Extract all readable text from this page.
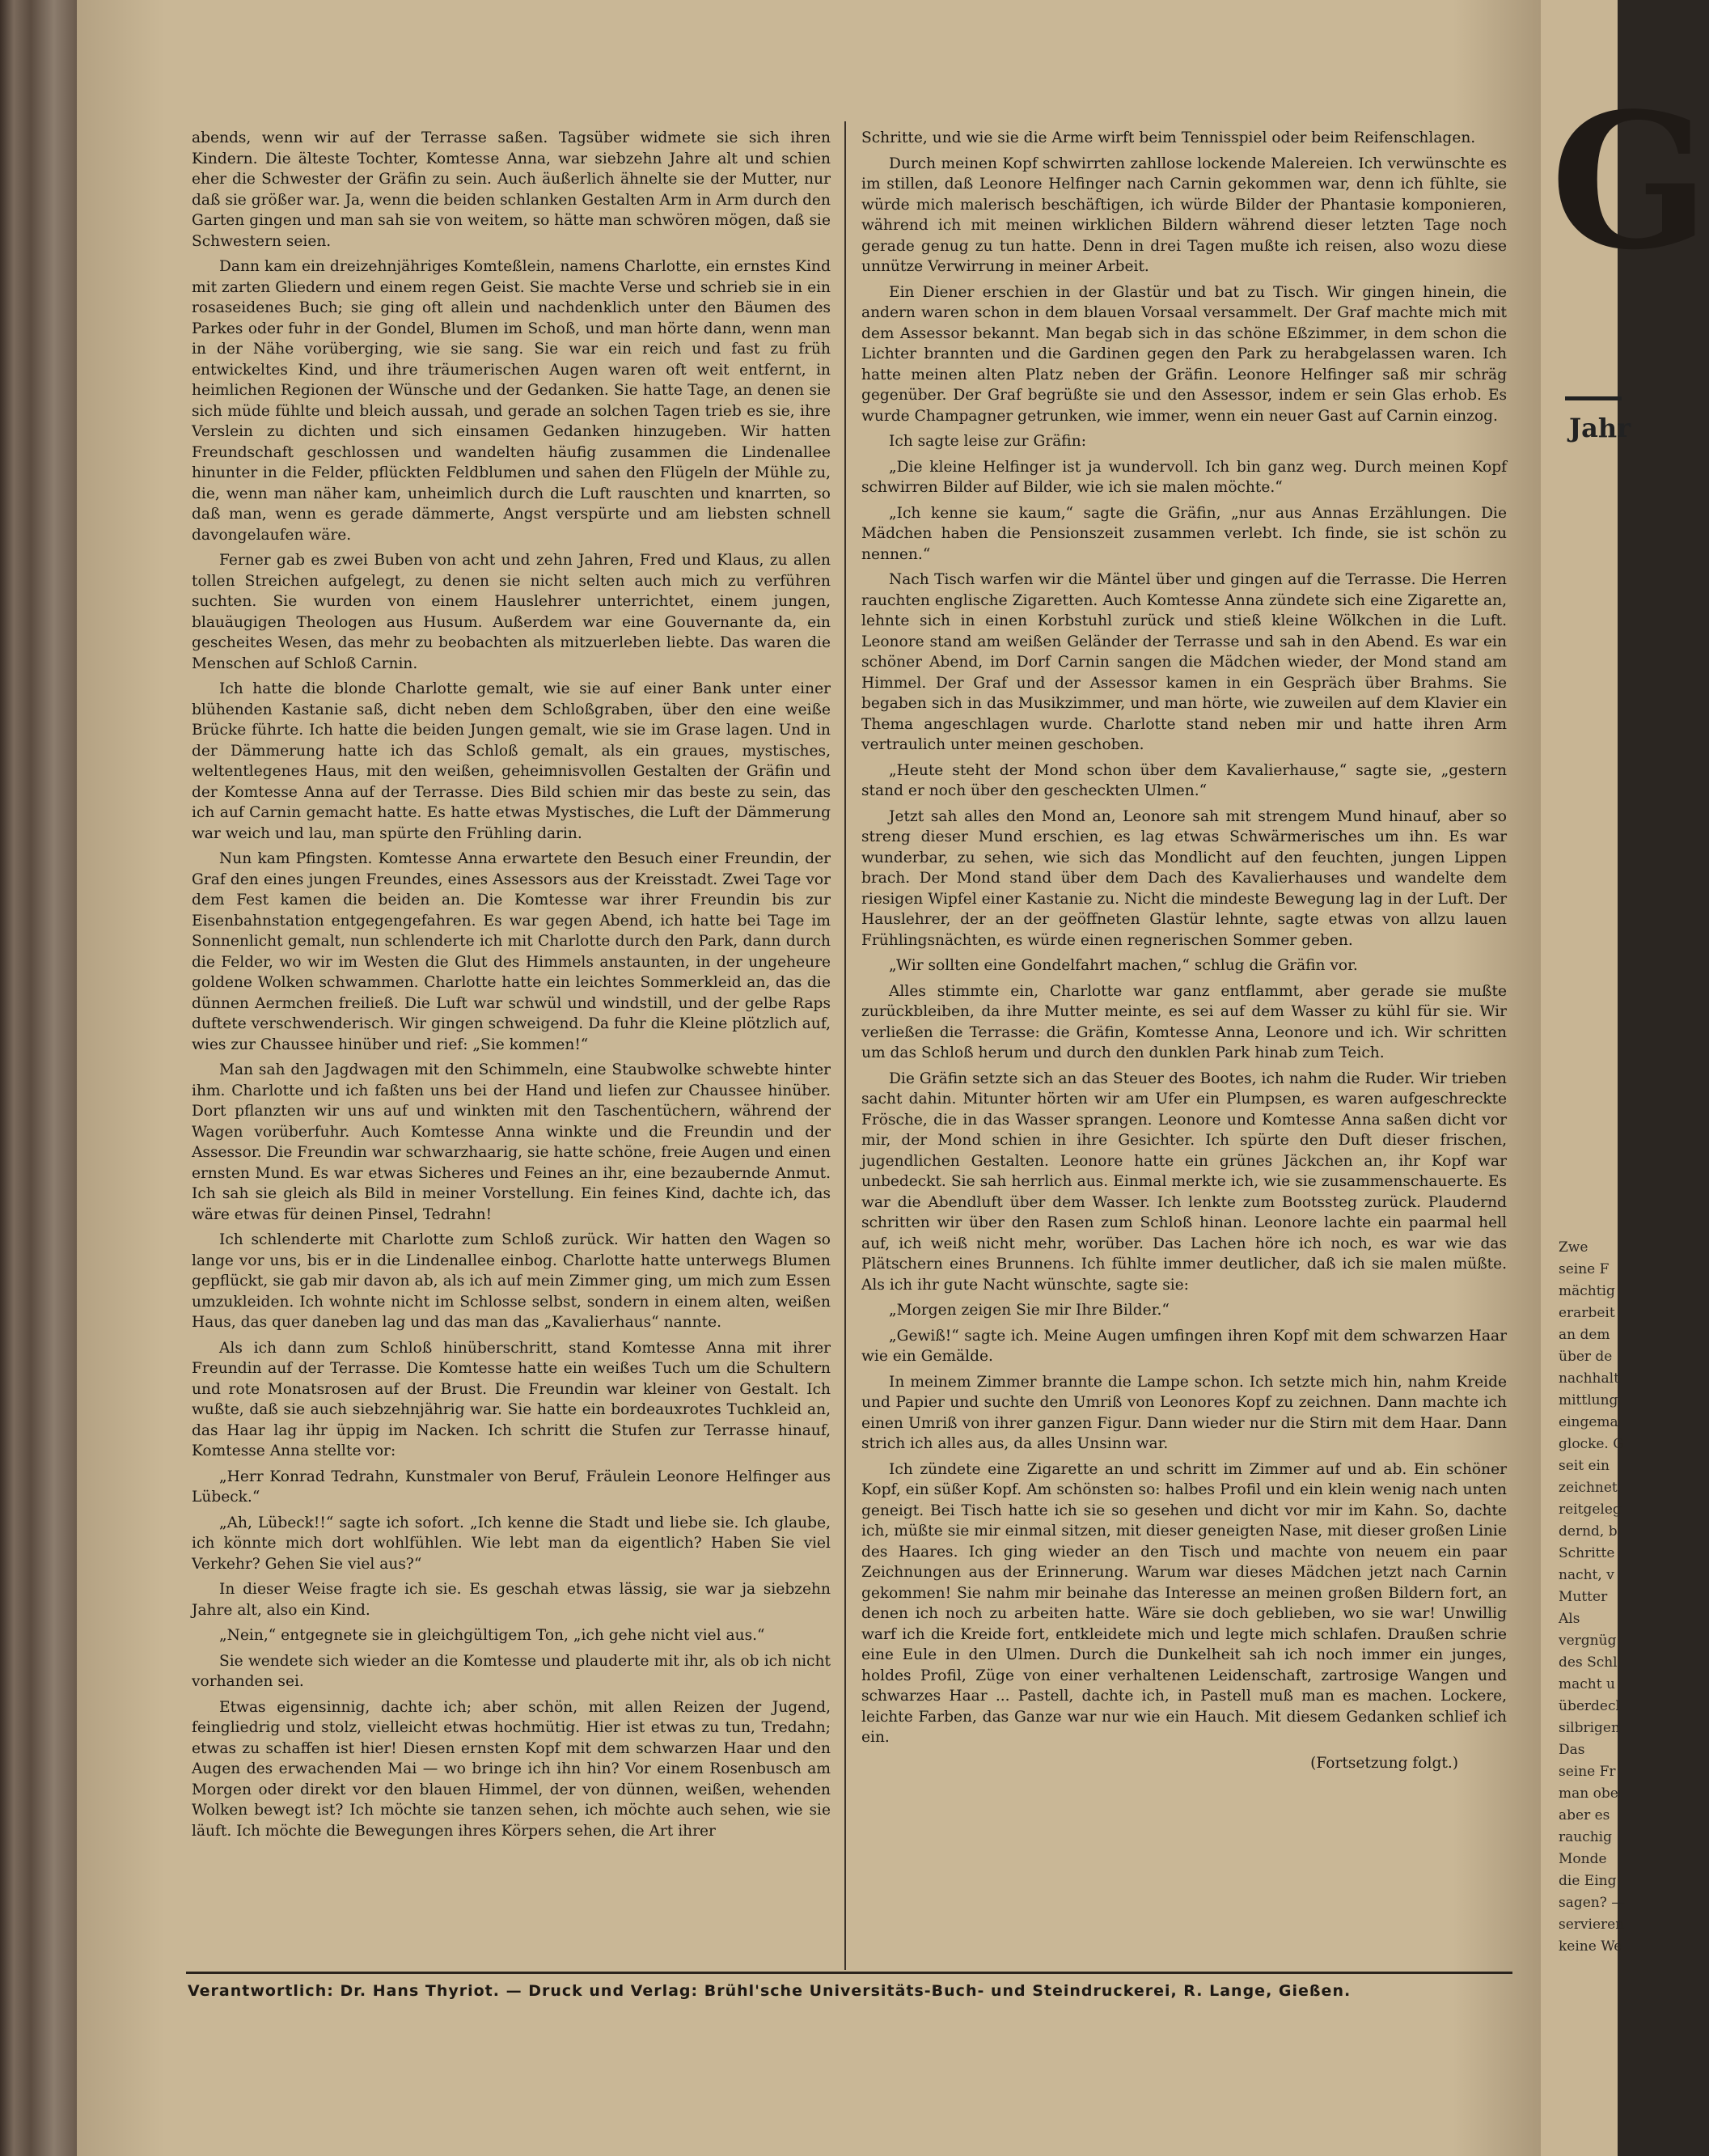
abends, wenn wir auf der Terrasse saßen. Tagsüber widmete sie sich ihren Kindern. Die älteste Tochter, Komtesse Anna, war siebzehn Jahre alt und schien eher die Schwester der Gräfin zu sein. Auch äußerlich ähnelte sie der Mutter, nur daß sie größer war. Ja, wenn die beiden schlanken Gestalten Arm in Arm durch den Garten gingen und man sah sie von weitem, so hätte man schwören mögen, daß sie Schwestern seien.

Dann kam ein dreizehnjähriges Komteßlein, namens Charlotte, ein ernstes Kind mit zarten Gliedern und einem regen Geist. Sie machte Verse und schrieb sie in ein rosaseidenes Buch; sie ging oft allein und nachdenklich unter den Bäumen des Parkes oder fuhr in der Gondel, Blumen im Schoß, und man hörte dann, wenn man in der Nähe vorüberging, wie sie sang. Sie war ein reich und fast zu früh entwickeltes Kind, und ihre träumerischen Augen waren oft weit entfernt, in heimlichen Regionen der Wünsche und der Gedanken. Sie hatte Tage, an denen sie sich müde fühlte und bleich aussah, und gerade an solchen Tagen trieb es sie, ihre Verslein zu dichten und sich einsamen Gedanken hinzugeben. Wir hatten Freundschaft geschlossen und wandelten häufig zusammen die Lindenallee hinunter in die Felder, pflückten Feldblumen und sahen den Flügeln der Mühle zu, die, wenn man näher kam, unheimlich durch die Luft rauschten und knarrten, so daß man, wenn es gerade dämmerte, Angst verspürte und am liebsten schnell davongelaufen wäre.

Ferner gab es zwei Buben von acht und zehn Jahren, Fred und Klaus, zu allen tollen Streichen aufgelegt, zu denen sie nicht selten auch mich zu verführen suchten. Sie wurden von einem Hauslehrer unterrichtet, einem jungen, blauäugigen Theologen aus Husum. Außerdem war eine Gouvernante da, ein gescheites Wesen, das mehr zu beobachten als mitzuerleben liebte. Das waren die Menschen auf Schloß Carnin.

Ich hatte die blonde Charlotte gemalt, wie sie auf einer Bank unter einer blühenden Kastanie saß, dicht neben dem Schloßgraben, über den eine weiße Brücke führte. Ich hatte die beiden Jungen gemalt, wie sie im Grase lagen. Und in der Dämmerung hatte ich das Schloß gemalt, als ein graues, mystisches, weltentlegenes Haus, mit den weißen, geheimnisvollen Gestalten der Gräfin und der Komtesse Anna auf der Terrasse. Dies Bild schien mir das beste zu sein, das ich auf Carnin gemacht hatte. Es hatte etwas Mystisches, die Luft der Dämmerung war weich und lau, man spürte den Frühling darin.

Nun kam Pfingsten. Komtesse Anna erwartete den Besuch einer Freundin, der Graf den eines jungen Freundes, eines Assessors aus der Kreisstadt. Zwei Tage vor dem Fest kamen die beiden an. Die Komtesse war ihrer Freundin bis zur Eisenbahnstation entgegengefahren. Es war gegen Abend, ich hatte bei Tage im Sonnenlicht gemalt, nun schlenderte ich mit Charlotte durch den Park, dann durch die Felder, wo wir im Westen die Glut des Himmels anstaunten, in der ungeheure goldene Wolken schwammen. Charlotte hatte ein leichtes Sommerkleid an, das die dünnen Aermchen freiließ. Die Luft war schwül und windstill, und der gelbe Raps duftete verschwenderisch. Wir gingen schweigend. Da fuhr die Kleine plötzlich auf, wies zur Chaussee hinüber und rief: „Sie kommen!“

Man sah den Jagdwagen mit den Schimmeln, eine Staubwolke schwebte hinter ihm. Charlotte und ich faßten uns bei der Hand und liefen zur Chaussee hinüber. Dort pflanzten wir uns auf und winkten mit den Taschentüchern, während der Wagen vorüberfuhr. Auch Komtesse Anna winkte und die Freundin und der Assessor. Die Freundin war schwarzhaarig, sie hatte schöne, freie Augen und einen ernsten Mund. Es war etwas Sicheres und Feines an ihr, eine bezaubernde Anmut. Ich sah sie gleich als Bild in meiner Vorstellung. Ein feines Kind, dachte ich, das wäre etwas für deinen Pinsel, Tedrahn!

Ich schlenderte mit Charlotte zum Schloß zurück. Wir hatten den Wagen so lange vor uns, bis er in die Lindenallee einbog. Charlotte hatte unterwegs Blumen gepflückt, sie gab mir davon ab, als ich auf mein Zimmer ging, um mich zum Essen umzukleiden. Ich wohnte nicht im Schlosse selbst, sondern in einem alten, weißen Haus, das quer daneben lag und das man das „Kavalierhaus“ nannte.

Als ich dann zum Schloß hinüberschritt, stand Komtesse Anna mit ihrer Freundin auf der Terrasse. Die Komtesse hatte ein weißes Tuch um die Schultern und rote Monatsrosen auf der Brust. Die Freundin war kleiner von Gestalt. Ich wußte, daß sie auch siebzehnjährig war. Sie hatte ein bordeauxrotes Tuchkleid an, das Haar lag ihr üppig im Nacken. Ich schritt die Stufen zur Terrasse hinauf, Komtesse Anna stellte vor:

„Herr Konrad Tedrahn, Kunstmaler von Beruf, Fräulein Leonore Helfinger aus Lübeck.“

„Ah, Lübeck!!“ sagte ich sofort. „Ich kenne die Stadt und liebe sie. Ich glaube, ich könnte mich dort wohlfühlen. Wie lebt man da eigentlich? Haben Sie viel Verkehr? Gehen Sie viel aus?“

In dieser Weise fragte ich sie. Es geschah etwas lässig, sie war ja siebzehn Jahre alt, also ein Kind.

„Nein,“ entgegnete sie in gleichgültigem Ton, „ich gehe nicht viel aus.“

Sie wendete sich wieder an die Komtesse und plauderte mit ihr, als ob ich nicht vorhanden sei.

Etwas eigensinnig, dachte ich; aber schön, mit allen Reizen der Jugend, feingliedrig und stolz, vielleicht etwas hochmütig. Hier ist etwas zu tun, Tredahn; etwas zu schaffen ist hier! Diesen ernsten Kopf mit dem schwarzen Haar und den Augen des erwachenden Mai — wo bringe ich ihn hin? Vor einem Rosenbusch am Morgen oder direkt vor den blauen Himmel, der von dünnen, weißen, wehenden Wolken bewegt ist? Ich möchte sie tanzen sehen, ich möchte auch sehen, wie sie läuft. Ich möchte die Bewegungen ihres Körpers sehen, die Art ihrer

Schritte, und wie sie die Arme wirft beim Tennisspiel oder beim Reifenschlagen.

Durch meinen Kopf schwirrten zahllose lockende Malereien. Ich verwünschte es im stillen, daß Leonore Helfinger nach Carnin gekommen war, denn ich fühlte, sie würde mich malerisch beschäftigen, ich würde Bilder der Phantasie komponieren, während ich mit meinen wirklichen Bildern während dieser letzten Tage noch gerade genug zu tun hatte. Denn in drei Tagen mußte ich reisen, also wozu diese unnütze Verwirrung in meiner Arbeit.

Ein Diener erschien in der Glastür und bat zu Tisch. Wir gingen hinein, die andern waren schon in dem blauen Vorsaal versammelt. Der Graf machte mich mit dem Assessor bekannt. Man begab sich in das schöne Eßzimmer, in dem schon die Lichter brannten und die Gardinen gegen den Park zu herabgelassen waren. Ich hatte meinen alten Platz neben der Gräfin. Leonore Helfinger saß mir schräg gegenüber. Der Graf begrüßte sie und den Assessor, indem er sein Glas erhob. Es wurde Champagner getrunken, wie immer, wenn ein neuer Gast auf Carnin einzog.

Ich sagte leise zur Gräfin:

„Die kleine Helfinger ist ja wundervoll. Ich bin ganz weg. Durch meinen Kopf schwirren Bilder auf Bilder, wie ich sie malen möchte.“

„Ich kenne sie kaum,“ sagte die Gräfin, „nur aus Annas Erzählungen. Die Mädchen haben die Pensionszeit zusammen verlebt. Ich finde, sie ist schön zu nennen.“

Nach Tisch warfen wir die Mäntel über und gingen auf die Terrasse. Die Herren rauchten englische Zigaretten. Auch Komtesse Anna zündete sich eine Zigarette an, lehnte sich in einen Korbstuhl zurück und stieß kleine Wölkchen in die Luft. Leonore stand am weißen Geländer der Terrasse und sah in den Abend. Es war ein schöner Abend, im Dorf Carnin sangen die Mädchen wieder, der Mond stand am Himmel. Der Graf und der Assessor kamen in ein Gespräch über Brahms. Sie begaben sich in das Musikzimmer, und man hörte, wie zuweilen auf dem Klavier ein Thema angeschlagen wurde. Charlotte stand neben mir und hatte ihren Arm vertraulich unter meinen geschoben.

„Heute steht der Mond schon über dem Kavalierhause,“ sagte sie, „gestern stand er noch über den gescheckten Ulmen.“

Jetzt sah alles den Mond an, Leonore sah mit strengem Mund hinauf, aber so streng dieser Mund erschien, es lag etwas Schwärmerisches um ihn. Es war wunderbar, zu sehen, wie sich das Mondlicht auf den feuchten, jungen Lippen brach. Der Mond stand über dem Dach des Kavalierhauses und wandelte dem riesigen Wipfel einer Kastanie zu. Nicht die mindeste Bewegung lag in der Luft. Der Hauslehrer, der an der geöffneten Glastür lehnte, sagte etwas von allzu lauen Frühlingsnächten, es würde einen regnerischen Sommer geben.

„Wir sollten eine Gondelfahrt machen,“ schlug die Gräfin vor.

Alles stimmte ein, Charlotte war ganz entflammt, aber gerade sie mußte zurückbleiben, da ihre Mutter meinte, es sei auf dem Wasser zu kühl für sie. Wir verließen die Terrasse: die Gräfin, Komtesse Anna, Leonore und ich. Wir schritten um das Schloß herum und durch den dunklen Park hinab zum Teich.

Die Gräfin setzte sich an das Steuer des Bootes, ich nahm die Ruder. Wir trieben sacht dahin. Mitunter hörten wir am Ufer ein Plumpsen, es waren aufgeschreckte Frösche, die in das Wasser sprangen. Leonore und Komtesse Anna saßen dicht vor mir, der Mond schien in ihre Gesichter. Ich spürte den Duft dieser frischen, jugendlichen Gestalten. Leonore hatte ein grünes Jäckchen an, ihr Kopf war unbedeckt. Sie sah herrlich aus. Einmal merkte ich, wie sie zusammenschauerte. Es war die Abendluft über dem Wasser. Ich lenkte zum Bootssteg zurück. Plaudernd schritten wir über den Rasen zum Schloß hinan. Leonore lachte ein paarmal hell auf, ich weiß nicht mehr, worüber. Das Lachen höre ich noch, es war wie das Plätschern eines Brunnens. Ich fühlte immer deutlicher, daß ich sie malen müßte. Als ich ihr gute Nacht wünschte, sagte sie:

„Morgen zeigen Sie mir Ihre Bilder.“

„Gewiß!“ sagte ich. Meine Augen umfingen ihren Kopf mit dem schwarzen Haar wie ein Gemälde.

In meinem Zimmer brannte die Lampe schon. Ich setzte mich hin, nahm Kreide und Papier und suchte den Umriß von Leonores Kopf zu zeichnen. Dann machte ich einen Umriß von ihrer ganzen Figur. Dann wieder nur die Stirn mit dem Haar. Dann strich ich alles aus, da alles Unsinn war.

Ich zündete eine Zigarette an und schritt im Zimmer auf und ab. Ein schöner Kopf, ein süßer Kopf. Am schönsten so: halbes Profil und ein klein wenig nach unten geneigt. Bei Tisch hatte ich sie so gesehen und dicht vor mir im Kahn. So, dachte ich, müßte sie mir einmal sitzen, mit dieser geneigten Nase, mit dieser großen Linie des Haares. Ich ging wieder an den Tisch und machte von neuem ein paar Zeichnungen aus der Erinnerung. Warum war dieses Mädchen jetzt nach Carnin gekommen! Sie nahm mir beinahe das Interesse an meinen großen Bildern fort, an denen ich noch zu arbeiten hatte. Wäre sie doch geblieben, wo sie war! Unwillig warf ich die Kreide fort, entkleidete mich und legte mich schlafen. Draußen schrie eine Eule in den Ulmen. Durch die Dunkelheit sah ich noch immer ein junges, holdes Profil, Züge von einer verhaltenen Leidenschaft, zartrosige Wangen und schwarzes Haar ... Pastell, dachte ich, in Pastell muß man es machen. Lockere, leichte Farben, das Ganze war nur wie ein Hauch. Mit diesem Gedanken schlief ich ein.

(Fortsetzung folgt.)

Verantwortlich: Dr. Hans Thyriot. — Druck und Verlag: Brühl'sche Universitäts-Buch- und Steindruckerei, R. Lange, Gießen.
G
Jahr
Zwe
seine F
mächtig
erarbeit
an dem
über de
nachhalt
mittlung
eingema
glocke. G
seit ein
zeichnet
reitgeleg
dernd, b
Schritte
nacht, v
Mutter
Als
vergnüg
des Schl
macht u
überdecl
silbrigen
Das
seine Fr
man obe
aber es
rauchig
Monde
die Eing
sagen? —
servieren
keine We
